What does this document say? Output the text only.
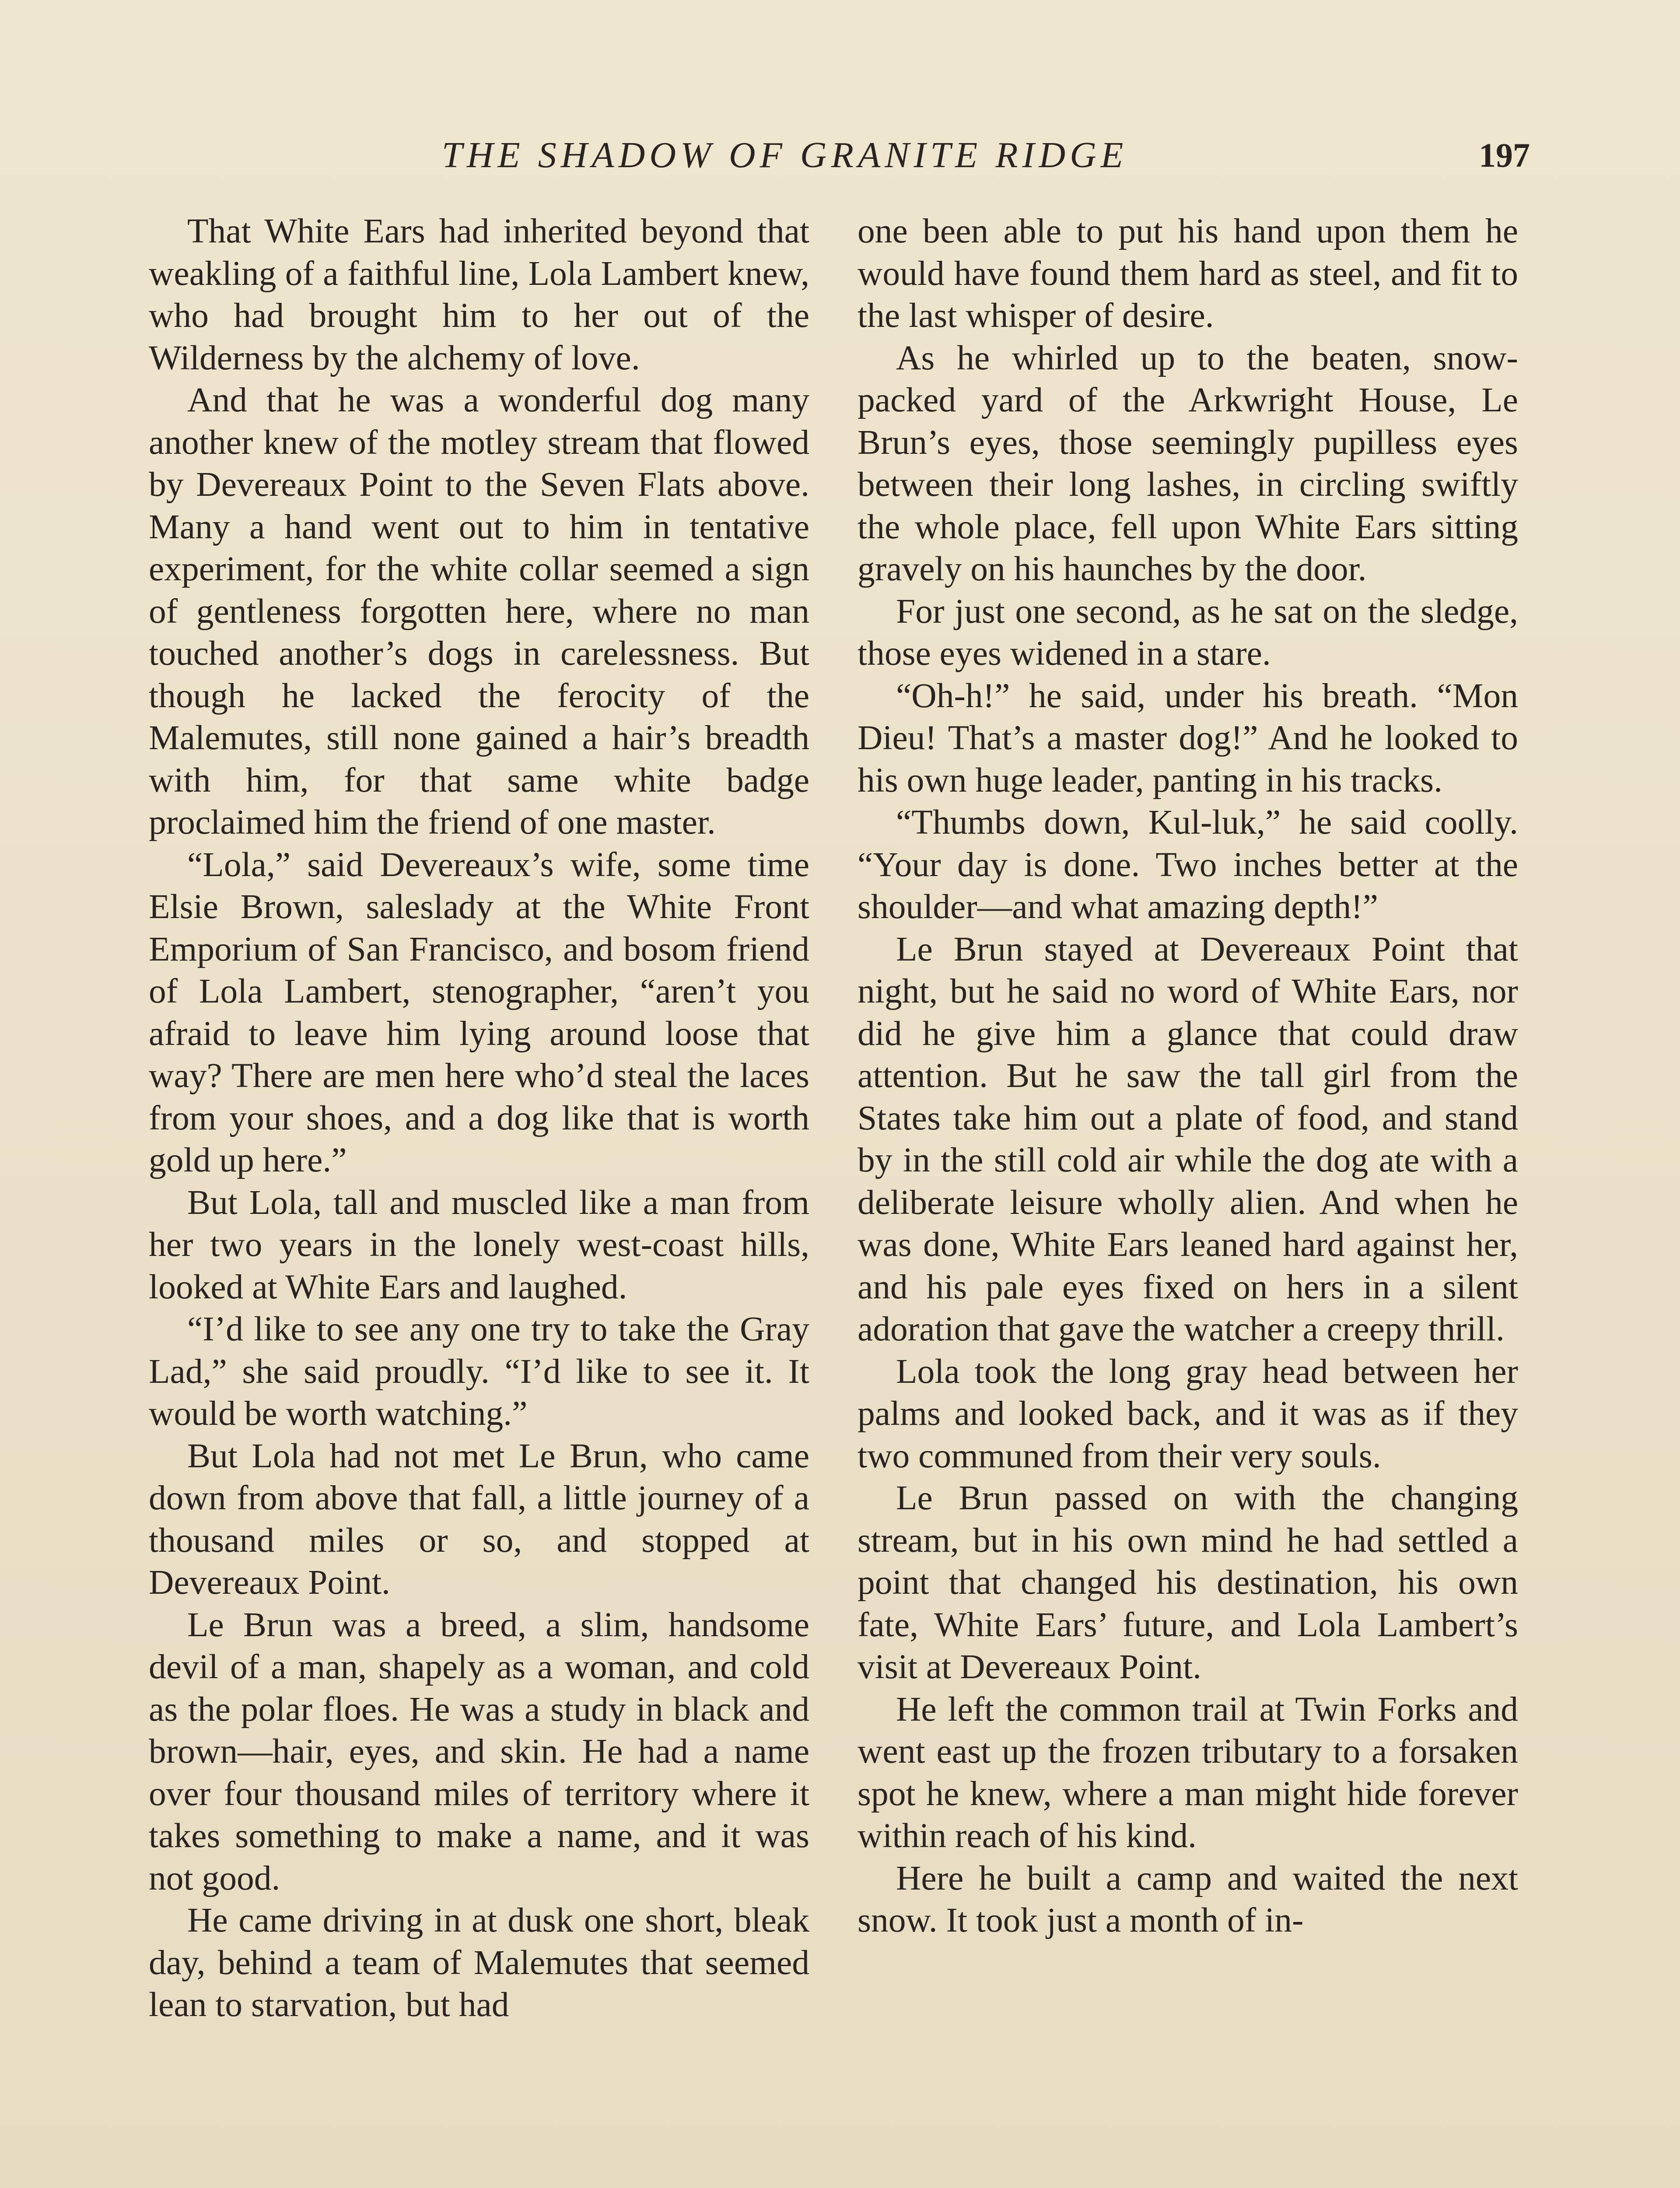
THE SHADOW OF GRANITE RIDGE	197

That White Ears had inherited beyond that weakling of a faithful line, Lola Lambert knew, who had brought him to her out of the Wilderness by the alchemy of love.

And that he was a wonderful dog many another knew of the motley stream that flowed by Devereaux Point to the Seven Flats above. Many a hand went out to him in tentative experiment, for the white collar seemed a sign of gentleness forgotten here, where no man touched another’s dogs in carelessness. But though he lacked the ferocity of the Malemutes, still none gained a hair’s breadth with him, for that same white badge proclaimed him the friend of one master.

“Lola,” said Devereaux’s wife, some time Elsie Brown, saleslady at the White Front Emporium of San Francisco, and bosom friend of Lola Lambert, stenographer, “aren’t you afraid to leave him lying around loose that way? There are men here who’d steal the laces from your shoes, and a dog like that is worth gold up here.”

But Lola, tall and muscled like a man from her two years in the lonely west-coast hills, looked at White Ears and laughed.

“I’d like to see any one try to take the Gray Lad,” she said proudly. “I’d like to see it. It would be worth watching.”

But Lola had not met Le Brun, who came down from above that fall, a little journey of a thousand miles or so, and stopped at Devereaux Point.

Le Brun was a breed, a slim, handsome devil of a man, shapely as a woman, and cold as the polar floes. He was a study in black and brown—hair, eyes, and skin. He had a name over four thousand miles of territory where it takes something to make a name, and it was not good.

He came driving in at dusk one short, bleak day, behind a team of Malemutes that seemed lean to starvation, but had

one been able to put his hand upon them he would have found them hard as steel, and fit to the last whisper of desire.

As he whirled up to the beaten, snow-packed yard of the Arkwright House, Le Brun’s eyes, those seemingly pupilless eyes between their long lashes, in circling swiftly the whole place, fell upon White Ears sitting gravely on his haunches by the door.

For just one second, as he sat on the sledge, those eyes widened in a stare.

“Oh-h!” he said, under his breath. “Mon Dieu! That’s a master dog!” And he looked to his own huge leader, panting in his tracks.

“Thumbs down, Kul-luk,” he said coolly. “Your day is done. Two inches better at the shoulder—and what amazing depth!”

Le Brun stayed at Devereaux Point that night, but he said no word of White Ears, nor did he give him a glance that could draw attention. But he saw the tall girl from the States take him out a plate of food, and stand by in the still cold air while the dog ate with a deliberate leisure wholly alien. And when he was done, White Ears leaned hard against her, and his pale eyes fixed on hers in a silent adoration that gave the watcher a creepy thrill.

Lola took the long gray head between her palms and looked back, and it was as if they two communed from their very souls.

Le Brun passed on with the changing stream, but in his own mind he had settled a point that changed his destination, his own fate, White Ears’ future, and Lola Lambert’s visit at Devereaux Point.

He left the common trail at Twin Forks and went east up the frozen tributary to a forsaken spot he knew, where a man might hide forever within reach of his kind.

Here he built a camp and waited the next snow. It took just a month of in-
